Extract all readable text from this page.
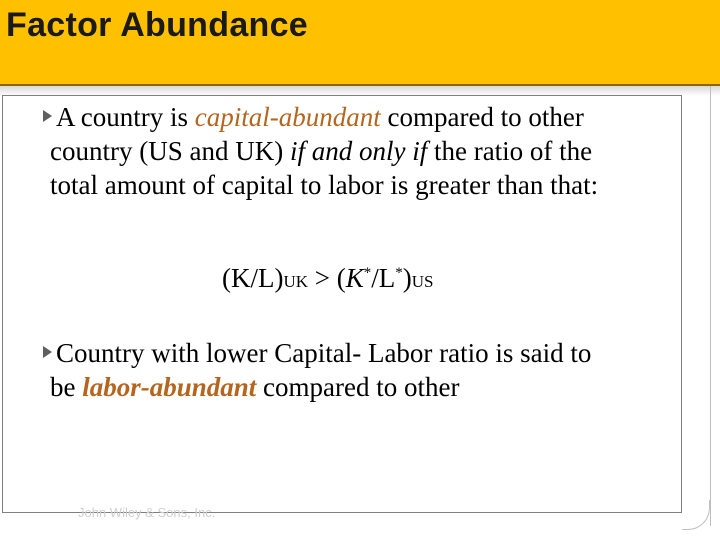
Factor Abundance
A country is capital-abundant compared to other
country (US and UK) if and only if the ratio of the
total amount of capital to labor is greater than that:
(K/L)UK > (K*/L*)US
Country with lower Capital- Labor ratio is said to
be labor-abundant compared to other
John Wiley & Sons, Inc.
